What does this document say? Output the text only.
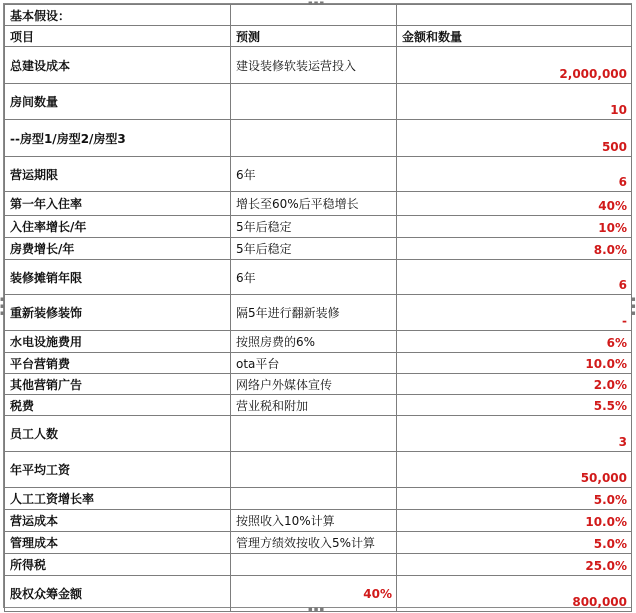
基本假设：		
项目	预测	金额和数量
总建设成本	建设装修软装运营投入	2,000,000
房间数量		10
--房型1/房型2/房型3		500
营运期限	6年	6
第一年入住率	增长至60%后平稳增长	40%
入住率增长/年	5年后稳定	10%
房费增长/年	5年后稳定	8.0%
装修摊销年限	6年	6
重新装修装饰	隔5年进行翻新装修	-
水电设施费用	按照房费的6%	6%
平台营销费	ota平台	10.0%
其他营销广告	网络户外媒体宣传	2.0%
税费	营业税和附加	5.5%
员工人数		3
年平均工资		50,000
人工工资增长率		5.0%
营运成本	按照收入10%计算	10.0%
管理成本	管理方绩效按收入5%计算	5.0%
所得税		25.0%
股权众筹金额	40%	800,000
▪▪▪
▪▪▪
▪
▪
▪
▪
▪
▪
